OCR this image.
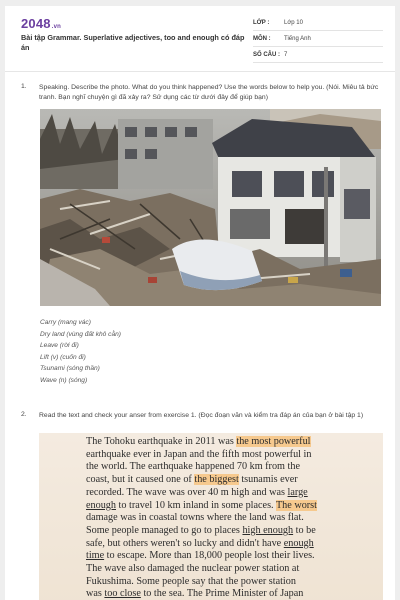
2048.vn
Bài tập Grammar. Superlative adjectives, too and enough có đáp án
LỚP : Lớp 10
MÔN : Tiếng Anh
SỐ CÂU : 7
1. Speaking. Describe the photo. What do you think happened? Use the words below to help you. (Nói. Miêu tả bức tranh. Bạn nghĩ chuyện gì đã xảy ra? Sử dụng các từ dưới đây để giúp bạn)
Carry (mang vác)
Dry land (vùng đất khô cằn)
Leave (rời đi)
Lift (v) (cuốn đi)
Tsunami (sóng thần)
Wave (n) (sóng)
2. Read the text and check your anser from exercise 1. (Đọc đoạn văn và kiểm tra đáp án của bạn ở bài tập 1)

The Tohoku earthquake in 2011 was the most powerful
earthquake ever in Japan and the fifth most powerful in
the world. The earthquake happened 70 km from the
coast, but it caused one of the biggest tsunamis ever
recorded. The wave was over 40 m high and was large
enough to travel 10 km inland in some places. The worst
damage was in coastal towns where the land was flat.
Some people managed to go to places high enough to be
safe, but others weren't so lucky and didn't have enough
time to escape. More than 18,000 people lost their lives.
The wave also damaged the nuclear power station at
Fukushima. Some people say that the power station
was too close to the sea. The Prime Minister of Japan
